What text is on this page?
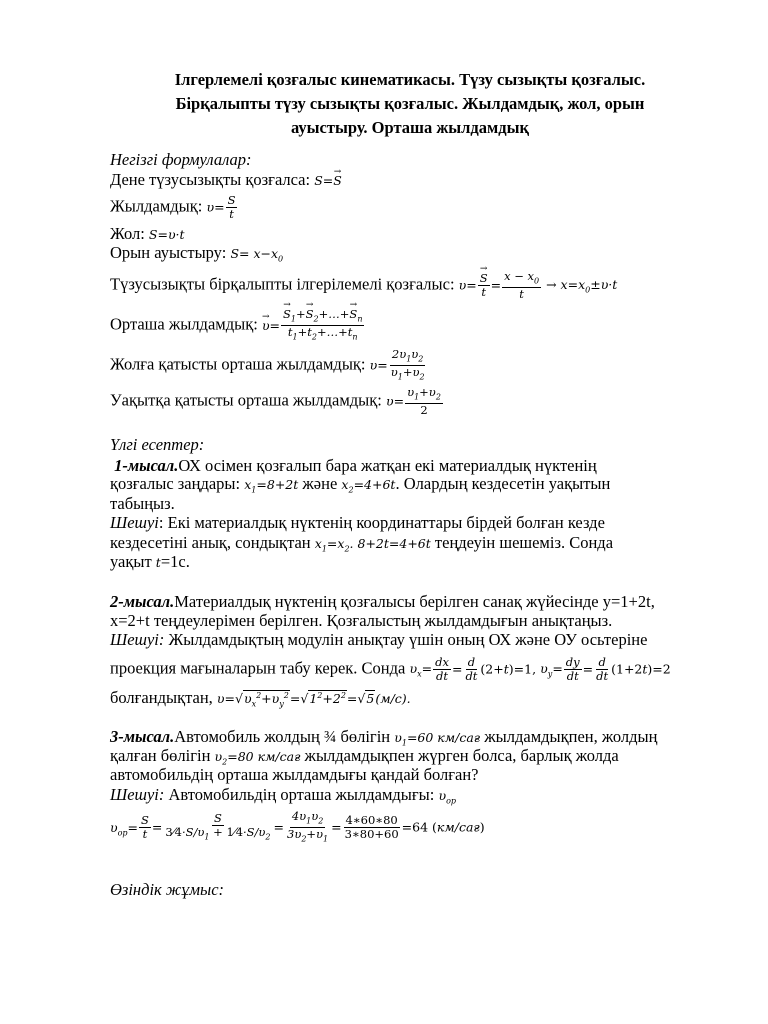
Ілгерлемелі қозғалыс кинематикасы. Түзу сызықты қозғалыс.
Бірқалыпты түзу сызықты қозғалыс. Жылдамдық, жол, орын
ауыстыру. Орташа жылдамдық
Негізгі формулалар:
Дене түзусызықты қозғалса: S=→ S
Жылдамдық: $\upsilon= \frac{S}{t}$
Жол: S=υ·t
Орын ауыстыру: $S= x-x_0$
Түзусызықты бірқалыпты ілгерілемелі қозғалыс: υ=
→ $\frac{S}{t} = \frac{x - x_0}{t} \to x=x_0\pm\upsilon\cdot t$
Орташа жылдамдық: → υ=
→ $\frac{S_1+\to S_2+\dots+\to S_n}{t_1+t_2+\dots+t_n}$
Жолға қатысты орташа жылдамдық: $\upsilon= \frac{2\upsilon_1\upsilon_2}{\upsilon_1+\upsilon_2}$
Уақытқа қатысты орташа жылдамдық: $\upsilon= \frac{\upsilon_1+\upsilon_2}{2}$
Үлгі есептер:
1-мысал.ОХ осімен қозғалып бара жатқан екі материалдық нүктенің
қозғалыс заңдары: $x_1=8+2t$ және $x_2=4+6t$. Олардың кездесетін уақытын
табыңыз.
Шешуі: Екі материалдық нүктенің координаттары бірдей болған кезде
кездесетіні анық, сондықтан $x_1=x_2$. 8+2t=4+6t теңдеуін шешеміз. Сонда
уақыт t=1с.
2-мысал.Материалдық нүктенің қозғалысы берілген санақ жүйесінде y=1+2t,
x=2+t теңдеулерімен берілген. Қозғалыстың жылдамдығын анықтаңыз.
Шешуі: Жылдамдықтың модулін анықтау үшін оның ОХ және ОУ осьтеріне
проекция мағыналарын табу керек. Сонда $\upsilon_x= \frac{dx}{dt} = \frac{d}{dt} (2+t)=1$, $\upsilon_y= \frac{dy}{dt} = \frac{d}{dt} (1+2t)=2$
болғандықтан, $\upsilon=√\upsilon_x^2+\upsilon_y^2=√1^2+2^2=√5(м/с)$.
3-мысал.Автомобиль жолдың ¾ бөлігін $\upsilon_1=60$ км/сағ жылдамдықпен, жолдың
қалған бөлігін $\upsilon_2=80$ км/сағ жылдамдықпен жүрген болса, барлық жолда
автомобильдің орташа жылдамдығы қандай болған?
Шешуі: Автомобильдің орташа жылдамдығы: $\upsilon_{ор}$
$\upsilon_{ор}= \frac{S}{t} = \frac{S}{3⁄4\cdot S/\upsilon_1 + 1⁄4\cdot S/\upsilon_2} = \frac{4\upsilon_1\upsilon_2}{3\upsilon_2+\upsilon_1} = \frac{4∗60∗80}{3∗80+60} =64$ (км/сағ)
Өзіндік жұмыс:
